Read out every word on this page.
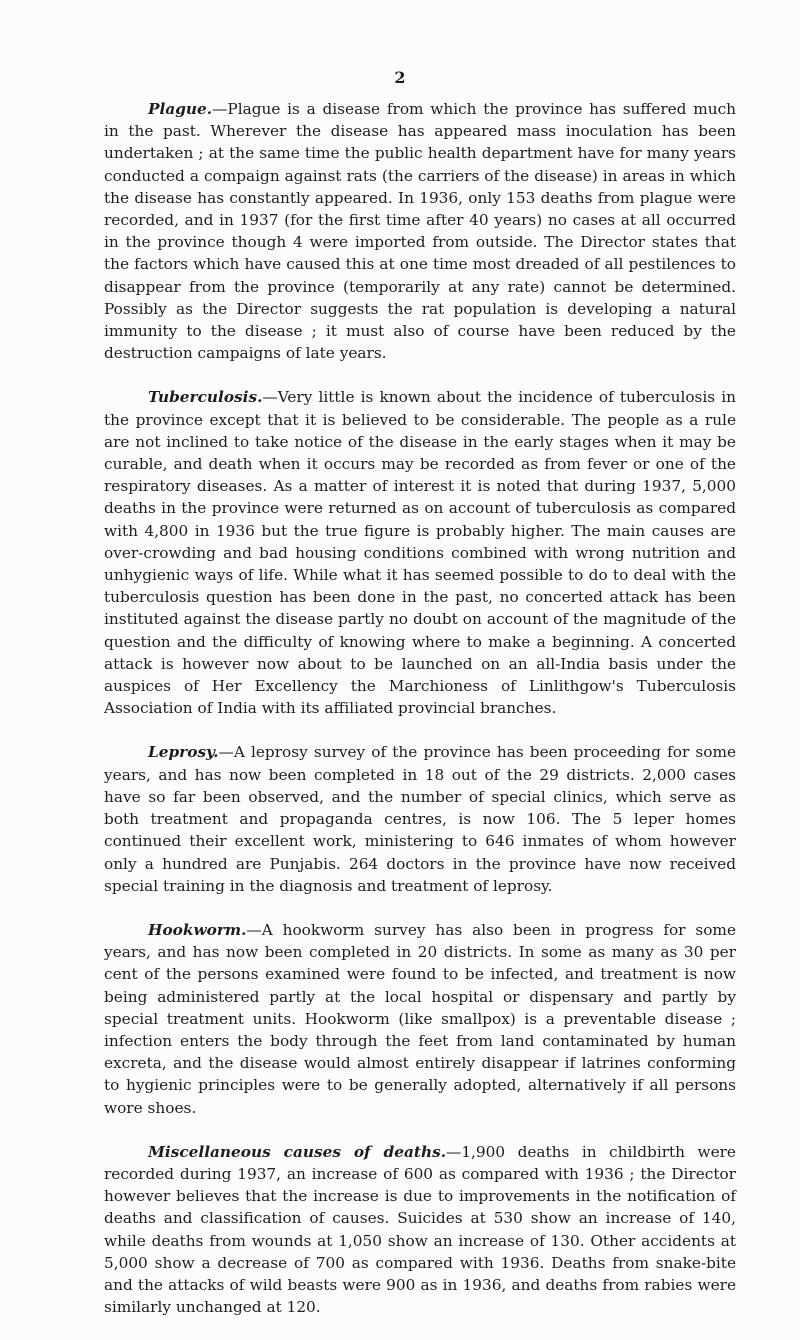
2

Plague.—Plague is a disease from which the province has suffered much in the past. Wherever the disease has appeared mass inoculation has been undertaken ; at the same time the public health department have for many years conducted a compaign against rats (the carriers of the disease) in areas in which the disease has constantly appeared. In 1936, only 153 deaths from plague were recorded, and in 1937 (for the first time after 40 years) no cases at all occurred in the province though 4 were imported from outside. The Director states that the factors which have caused this at one time most dreaded of all pestilences to disappear from the province (temporarily at any rate) cannot be determined. Possibly as the Director suggests the rat population is developing a natural immunity to the disease ; it must also of course have been reduced by the destruction campaigns of late years.

Tuberculosis.—Very little is known about the incidence of tuberculosis in the province except that it is believed to be considerable. The people as a rule are not inclined to take notice of the disease in the early stages when it may be curable, and death when it occurs may be recorded as from fever or one of the respiratory diseases. As a matter of interest it is noted that during 1937, 5,000 deaths in the province were returned as on account of tuberculosis as compared with 4,800 in 1936 but the true figure is probably higher. The main causes are over-crowding and bad housing conditions combined with wrong nutrition and unhygienic ways of life. While what it has seemed possible to do to deal with the tuberculosis question has been done in the past, no concerted attack has been instituted against the disease partly no doubt on account of the magnitude of the question and the difficulty of knowing where to make a beginning. A concerted attack is however now about to be launched on an all-India basis under the auspices of Her Excellency the Marchioness of Linlithgow's Tuberculosis Association of India with its affiliated provincial branches.

Leprosy.—A leprosy survey of the province has been proceeding for some years, and has now been completed in 18 out of the 29 districts. 2,000 cases have so far been observed, and the number of special clinics, which serve as both treatment and propaganda centres, is now 106. The 5 leper homes continued their excellent work, ministering to 646 inmates of whom however only a hundred are Punjabis. 264 doctors in the province have now received special training in the diagnosis and treatment of leprosy.

Hookworm.—A hookworm survey has also been in progress for some years, and has now been completed in 20 districts. In some as many as 30 per cent of the persons examined were found to be infected, and treatment is now being administered partly at the local hospital or dispensary and partly by special treatment units. Hookworm (like smallpox) is a preventable disease ; infection enters the body through the feet from land contaminated by human excreta, and the disease would almost entirely disappear if latrines conforming to hygienic principles were to be generally adopted, alternatively if all persons wore shoes.

Miscellaneous causes of deaths.—1,900 deaths in childbirth were recorded during 1937, an increase of 600 as compared with 1936 ; the Director however believes that the increase is due to improvements in the notification of deaths and classification of causes. Suicides at 530 show an increase of 140, while deaths from wounds at 1,050 show an increase of 130. Other accidents at 5,000 show a decrease of 700 as compared with 1936. Deaths from snake-bite and the attacks of wild beasts were 900 as in 1936, and deaths from rabies were similarly unchanged at 120.
